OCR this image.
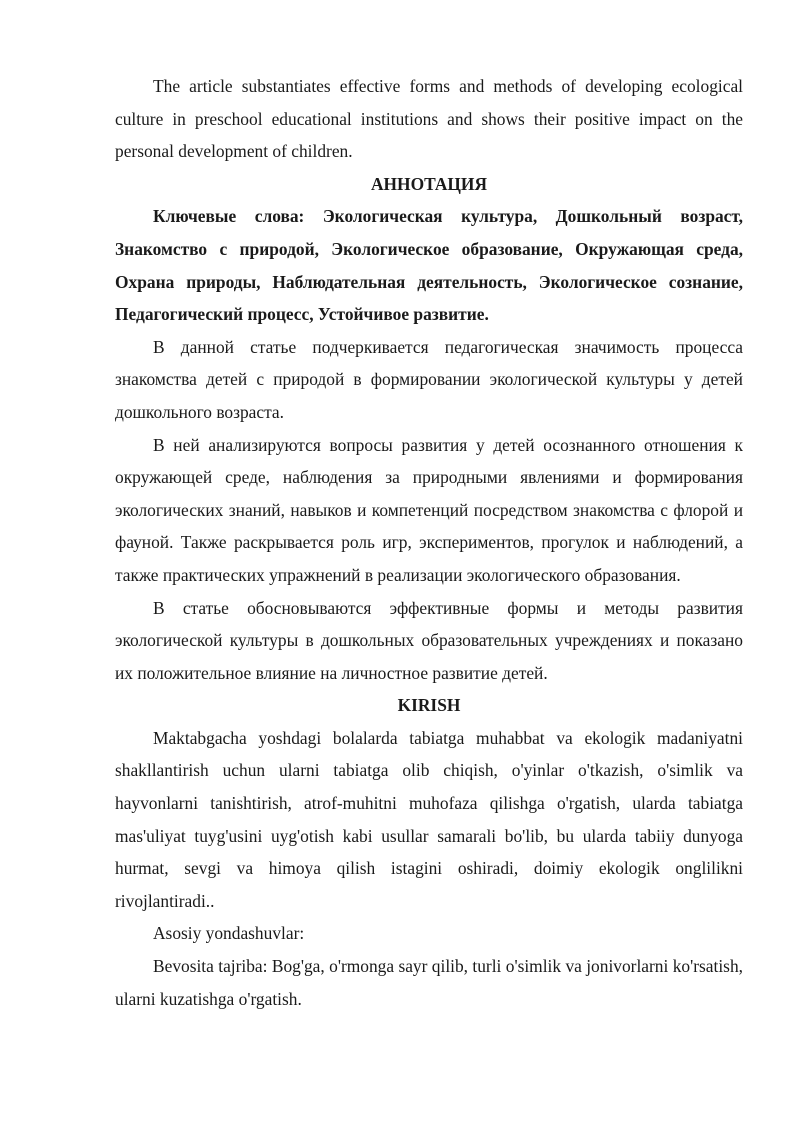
The article substantiates effective forms and methods of developing ecological culture in preschool educational institutions and shows their positive impact on the personal development of children.

АННОТАЦИЯ

Ключевые слова: Экологическая культура, Дошкольный возраст, Знакомство с природой, Экологическое образование, Окружающая среда, Охрана природы, Наблюдательная деятельность, Экологическое сознание, Педагогический процесс, Устойчивое развитие.

В данной статье подчеркивается педагогическая значимость процесса знакомства детей с природой в формировании экологической культуры у детей дошкольного возраста.

В ней анализируются вопросы развития у детей осознанного отношения к окружающей среде, наблюдения за природными явлениями и формирования экологических знаний, навыков и компетенций посредством знакомства с флорой и фауной. Также раскрывается роль игр, экспериментов, прогулок и наблюдений, а также практических упражнений в реализации экологического образования.

В статье обосновываются эффективные формы и методы развития экологической культуры в дошкольных образовательных учреждениях и показано их положительное влияние на личностное развитие детей.

KIRISH

Maktabgacha yoshdagi bolalarda tabiatga muhabbat va ekologik madaniyatni shakllantirish uchun ularni tabiatga olib chiqish, o'yinlar o'tkazish, o'simlik va hayvonlarni tanishtirish, atrof-muhitni muhofaza qilishga o'rgatish, ularda tabiatga mas'uliyat tuyg'usini uyg'otish kabi usullar samarali bo'lib, bu ularda tabiiy dunyoga hurmat, sevgi va himoya qilish istagini oshiradi, doimiy ekologik onglilikni rivojlantiradi..

Asosiy yondashuvlar:

Bevosita tajriba: Bog'ga, o'rmonga sayr qilib, turli o'simlik va jonivorlarni ko'rsatish, ularni kuzatishga o'rgatish.
